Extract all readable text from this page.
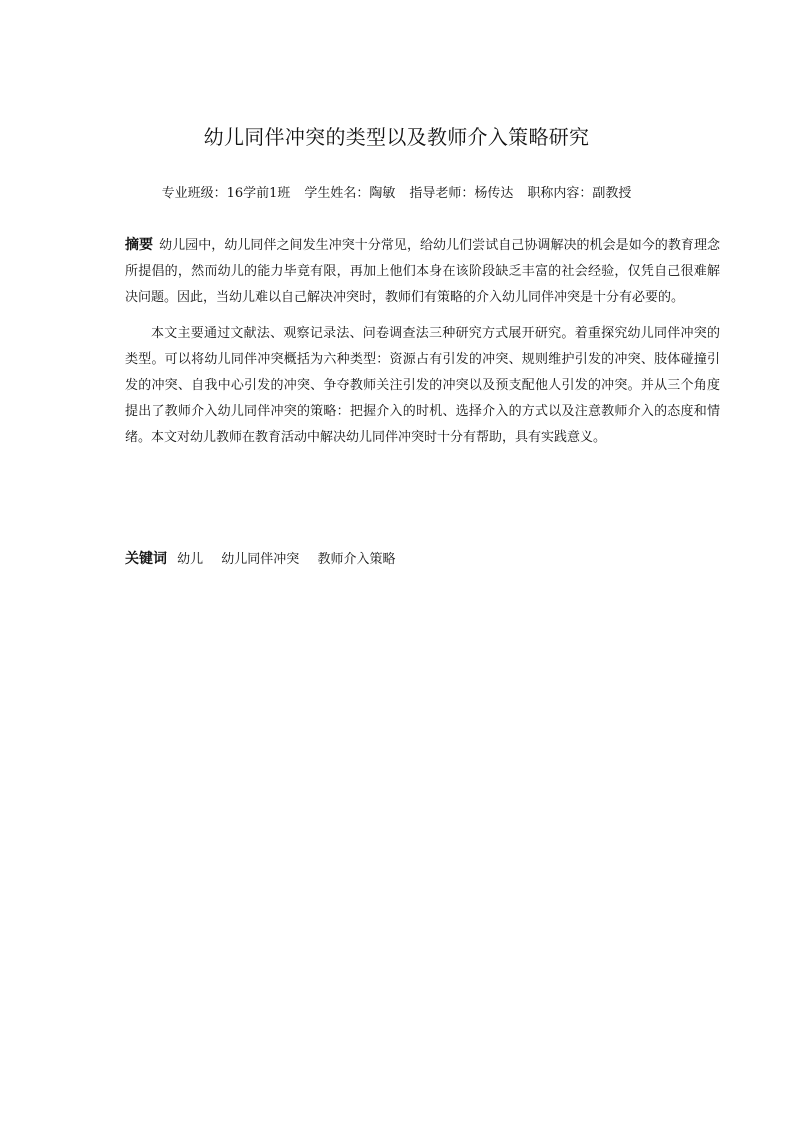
幼儿同伴冲突的类型以及教师介入策略研究
专业班级：16学前1班 学生姓名：陶敏 指导老师：杨传达 职称内容：副教授

摘要 幼儿园中，幼儿同伴之间发生冲突十分常见，给幼儿们尝试自己协调解决的机会是如今的教育理念所提倡的，然而幼儿的能力毕竟有限，再加上他们本身在该阶段缺乏丰富的社会经验，仅凭自己很难解决问题。因此，当幼儿难以自己解决冲突时，教师们有策略的介入幼儿同伴冲突是十分有必要的。

本文主要通过文献法、观察记录法、问卷调查法三种研究方式展开研究。着重探究幼儿同伴冲突的类型。可以将幼儿同伴冲突概括为六种类型：资源占有引发的冲突、规则维护引发的冲突、肢体碰撞引发的冲突、自我中心引发的冲突、争夺教师关注引发的冲突以及预支配他人引发的冲突。并从三个角度提出了教师介入幼儿同伴冲突的策略：把握介入的时机、选择介入的方式以及注意教师介入的态度和情绪。本文对幼儿教师在教育活动中解决幼儿同伴冲突时十分有帮助，具有实践意义。

关键词 幼儿 幼儿同伴冲突 教师介入策略
